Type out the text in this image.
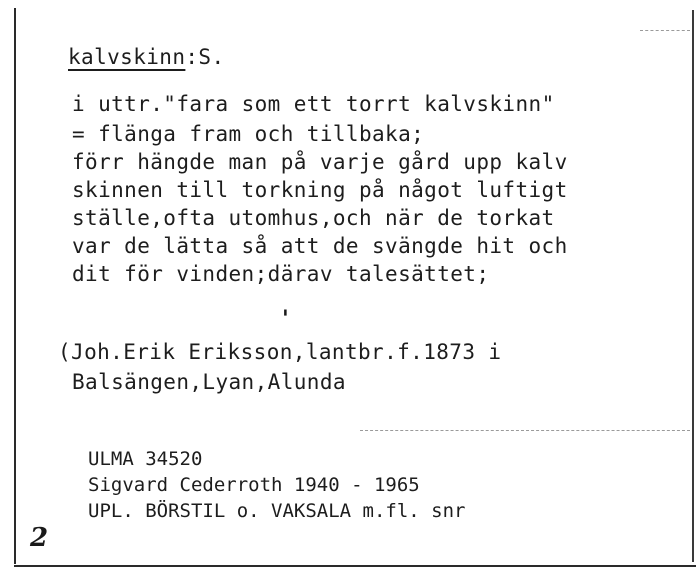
kalvskinn:S.
i uttr."fara som ett torrt kalvskinn"
= flänga fram och tillbaka;
förr hängde man på varje gård upp kalv
skinnen till torkning på något luftigt
ställe,ofta utomhus,och när de torkat
var de lätta så att de svängde hit och
dit för vinden;därav talesättet;
'
(Joh.Erik Eriksson,lantbr.f.1873 i
Balsängen,Lyan,Alunda
ULMA 34520
Sigvard Cederroth 1940 - 1965
UPL. BÖRSTIL o. VAKSALA m.fl. snr
2
